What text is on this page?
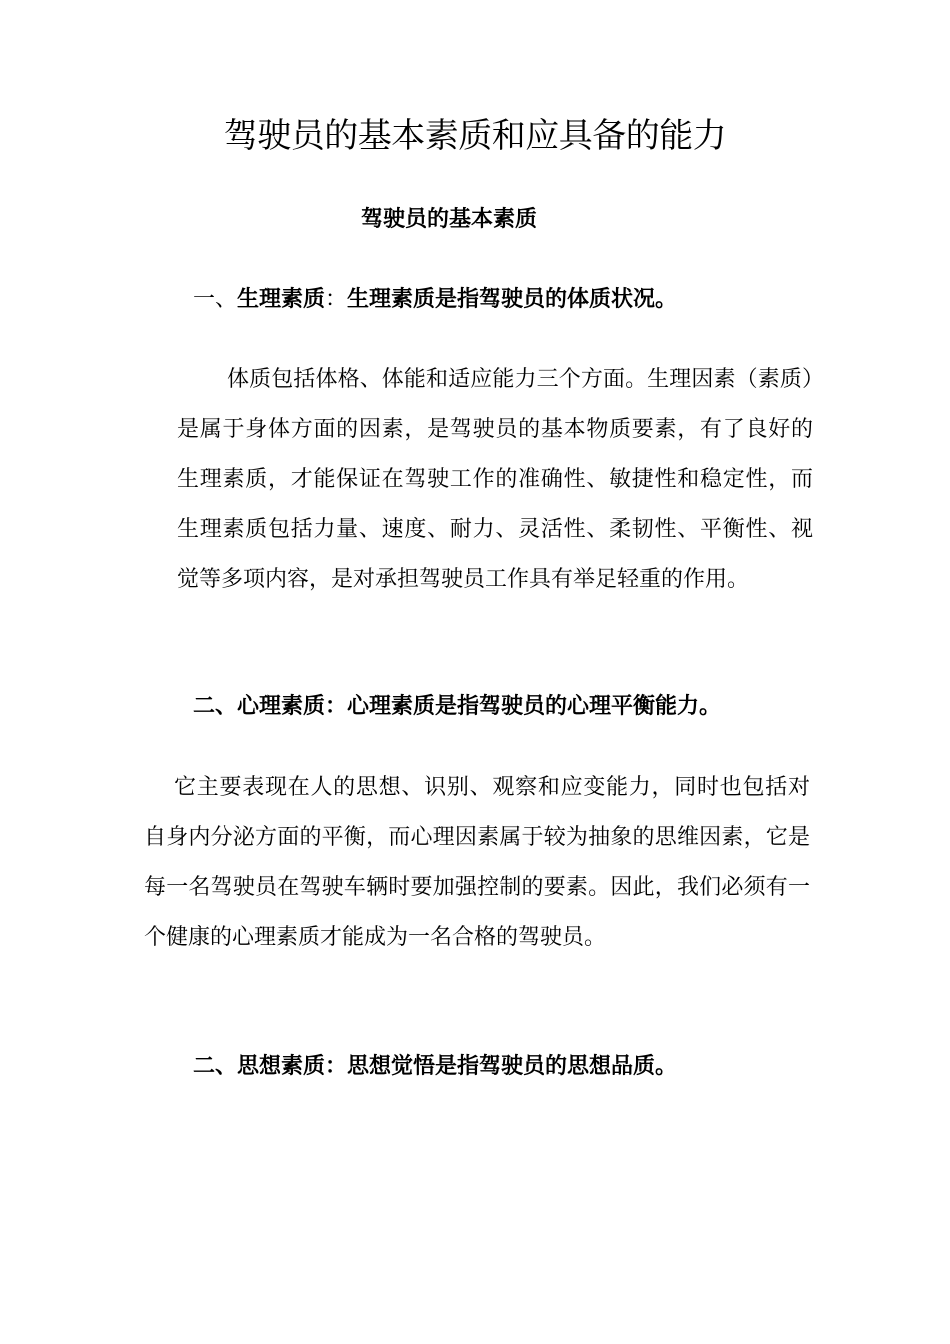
驾驶员的基本素质和应具备的能力
驾驶员的基本素质

一、生理素质：生理素质是指驾驶员的体质状况。

体质包括体格、体能和适应能力三个方面。生理因素（素质）是属于身体方面的因素，是驾驶员的基本物质要素，有了良好的生理素质，才能保证在驾驶工作的准确性、敏捷性和稳定性，而生理素质包括力量、速度、耐力、灵活性、柔韧性、平衡性、视觉等多项内容，是对承担驾驶员工作具有举足轻重的作用。

二、心理素质：心理素质是指驾驶员的心理平衡能力。

它主要表现在人的思想、识别、观察和应变能力，同时也包括对自身内分泌方面的平衡，而心理因素属于较为抽象的思维因素，它是每一名驾驶员在驾驶车辆时要加强控制的要素。因此，我们必须有一个健康的心理素质才能成为一名合格的驾驶员。

二、思想素质：思想觉悟是指驾驶员的思想品质。
